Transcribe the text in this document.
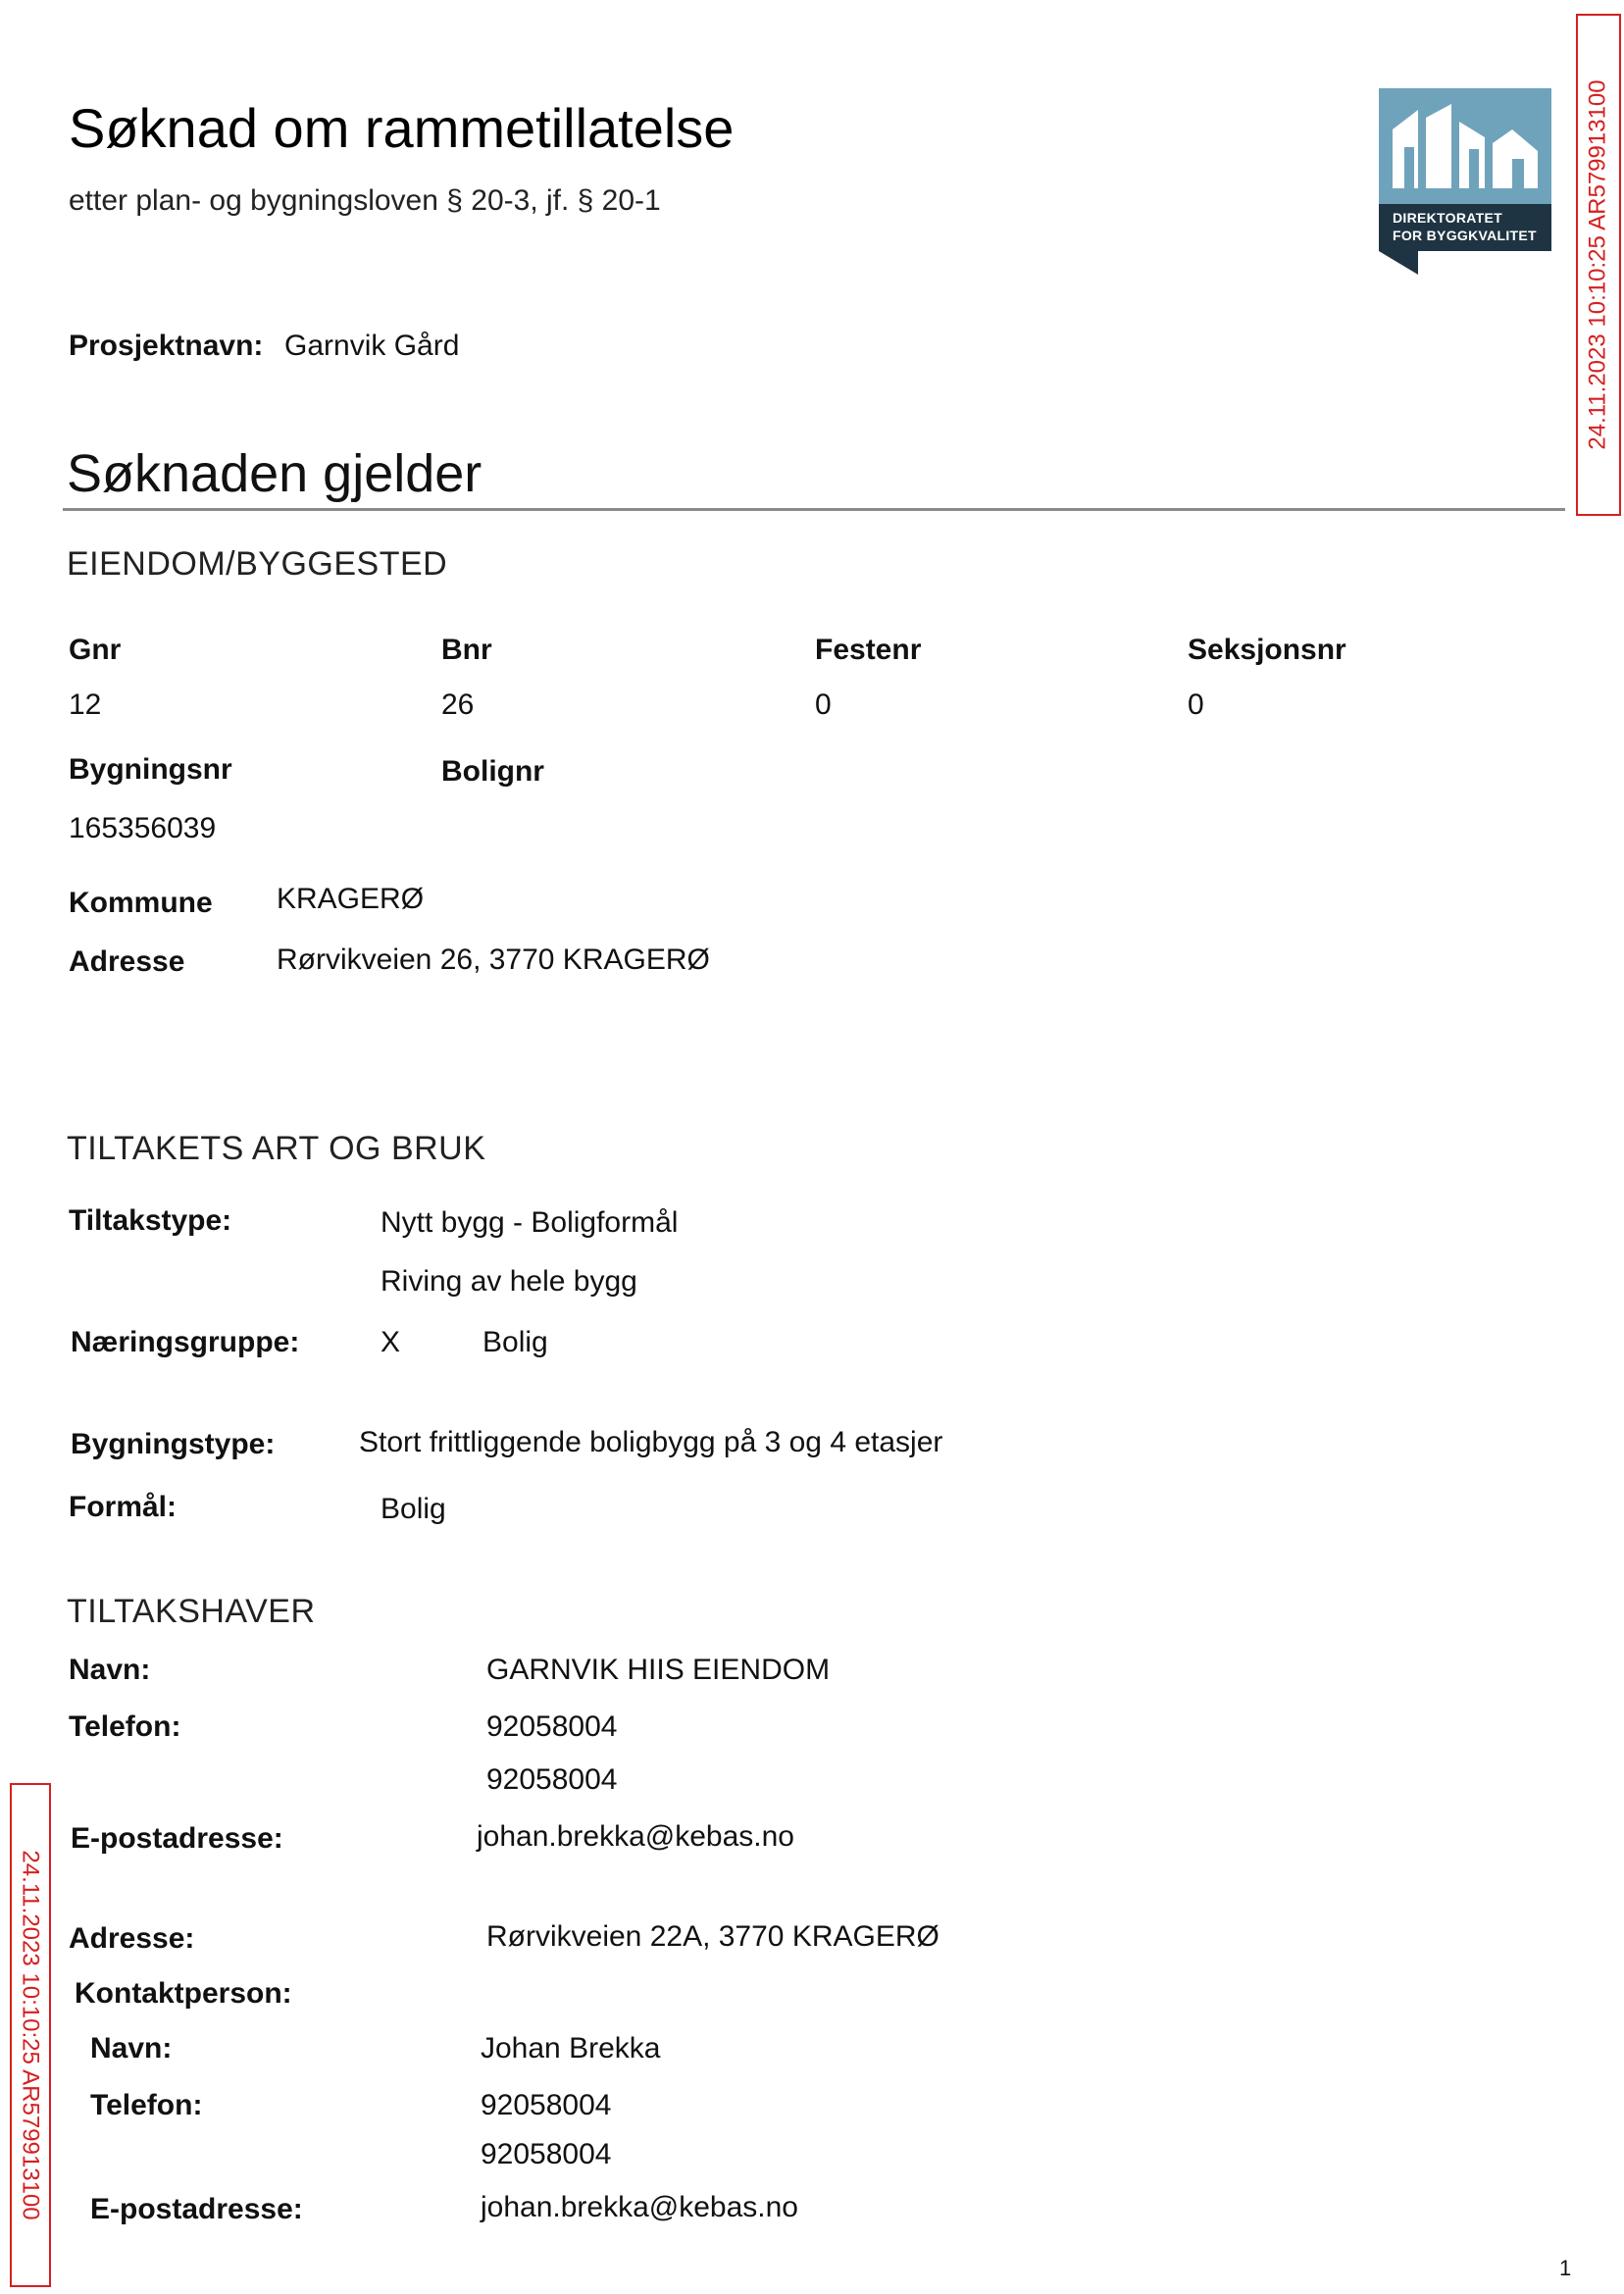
Søknad om rammetillatelse
etter plan- og bygningsloven § 20-3, jf. § 20-1
DIREKTORATET
FOR BYGGKVALITET 24.11.2023 10:10:25 AR579913100
24.11.2023 10:10:25 AR579913100
Prosjektnavn: Garnvik Gård
Søknaden gjelder
EIENDOM/BYGGESTED
Gnr	Bnr	Festenr	Seksjonsnr
12	26	0	0
Bygningsnr	Bolignr
165356039
Kommune KRAGERØ
Adresse	Rørvikveien 26, 3770 KRAGERØ
TILTAKETS ART OG BRUK
Tiltakstype:	Nytt bygg - Boligformål
Riving av hele bygg
Næringsgruppe:	X	Bolig
Bygningstype:	Stort frittliggende boligbygg på 3 og 4 etasjer
Formål:	Bolig
TILTAKSHAVER
Navn:	GARNVIK HIIS EIENDOM
Telefon:	92058004
92058004
E-postadresse:	johan.brekka@kebas.no
Adresse:	Rørvikveien 22A, 3770 KRAGERØ
Kontaktperson:
Navn:	Johan Brekka
Telefon:	92058004
92058004
E-postadresse:	johan.brekka@kebas.no
1
